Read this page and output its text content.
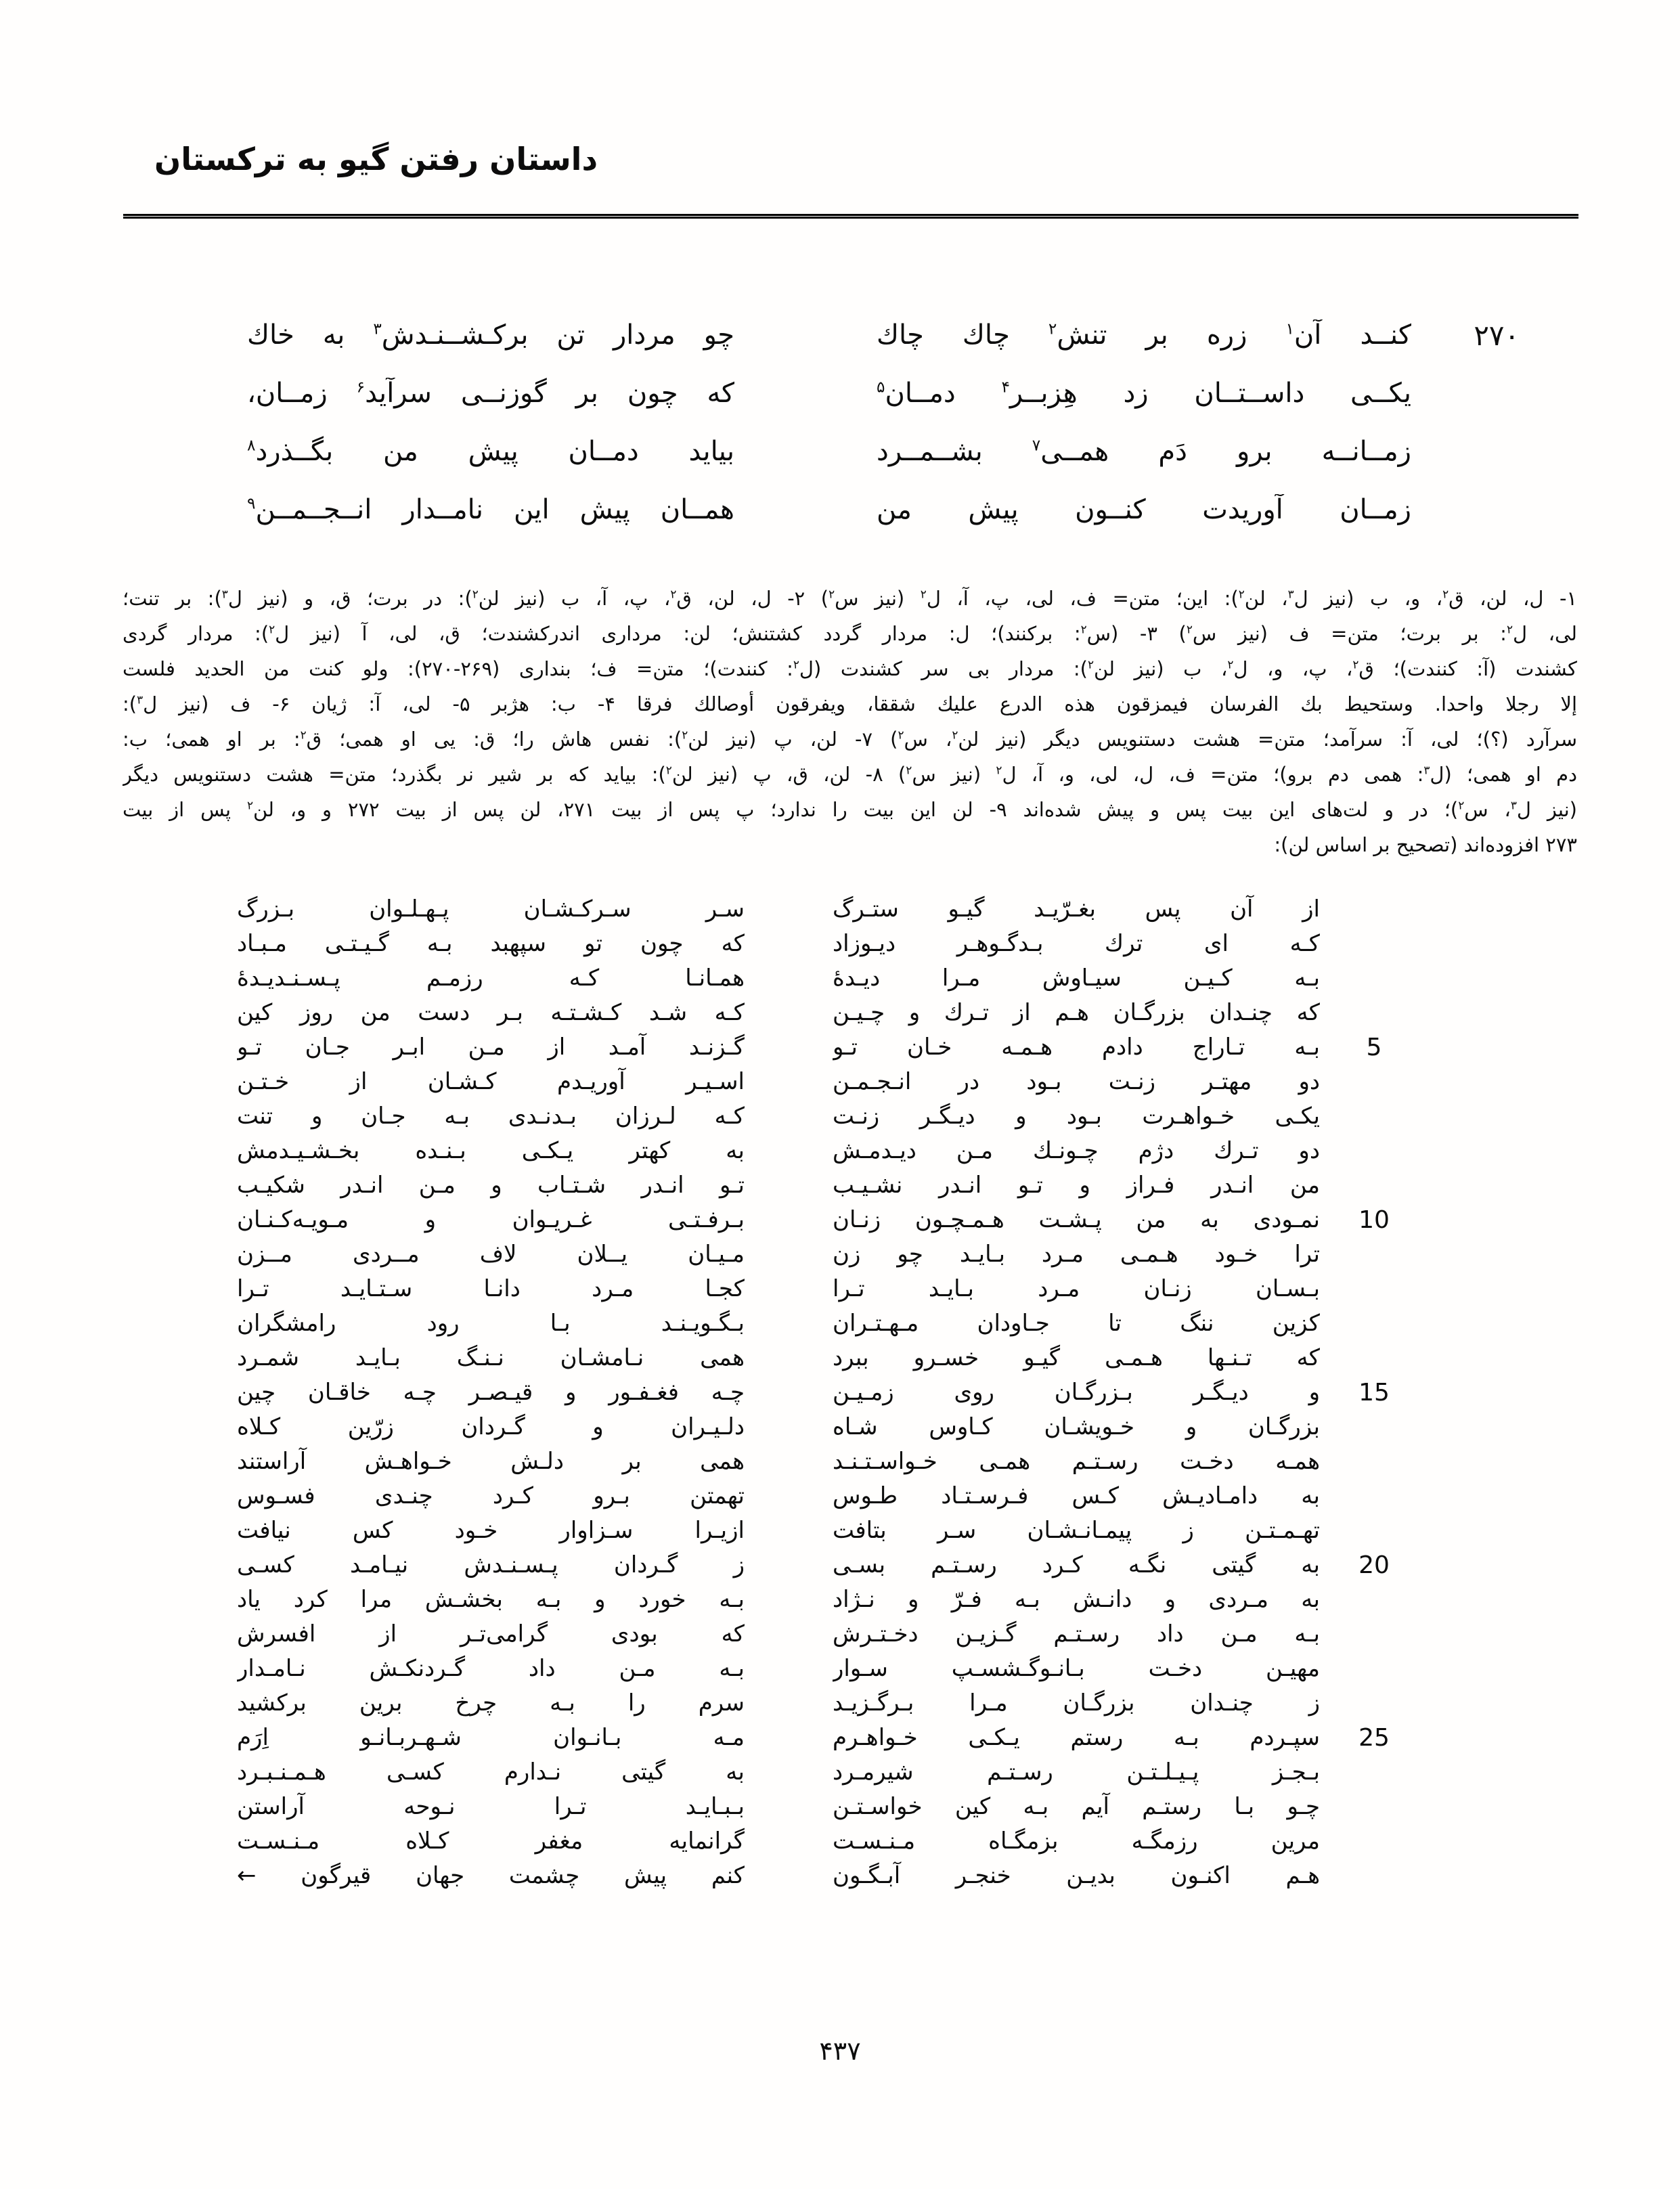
داستان رفتن گیو به ترکستان
۲۷۰
كنــد آن$^۱$ زره بر تنش$^۲$ چاك چاك
چو مردار تن بركـشــنـدش$^۳$ به خاك
یكــی داســتــان زد هِزبــر$^۴$ دمــان$^۵$
كه چون بر گوزنــی سرآید$^۶$ زمــان،
زمــانــه برو دَم همــی$^۷$ بشــمــرد
بیاید دمــان پیش من بگــذرد$^۸$
زمــان آوریدت كنــون پیش من
همــان پیش این نامــدار انــجــمــن$^۹$
۱- ل، لن، ق$^۲$، و، ب (نیز ل$^۳$، لن$^۲$): این؛ متن= ف، لی، پ، آ، ل$^۲$ (نیز س$^۲$) ۲- ل، لن، ق$^۲$، پ، آ، ب (نیز لن$^۲$): در برت؛ ق، و (نیز ل$^۳$): بر تنت؛
لی، ل$^۲$: بر برت؛ متن= ف (نیز س$^۲$) ۳- (س$^۲$: بركنند)؛ ل: مردار گردد كشتنش؛ لن: مرداری اندركشندت؛ ق، لی، آ (نیز ل$^۲$): مردار گردی
كشندت (آ: كنندت)؛ ق$^۲$، پ، و، ل$^۲$، ب (نیز لن$^۲$): مردار بی سر كشندت (ل$^۲$: كنندت)؛ متن= ف؛ بنداری (۲۶۹-۲۷۰): ولو كنت من الحدید فلست
إلا رجلا واحدا. وستحیط بك الفرسان فیمزقون هذه الدرع علیك شققا، ویفرقون أوصالك فرقا ۴- ب: هژبر ۵- لی، آ: ژیان ۶- ف (نیز ل$^۳$):
سرآرد (؟)؛ لی، آ: سرآمد؛ متن= هشت دستنویس دیگر (نیز لن$^۲$، س$^۲$) ۷- لن، پ (نیز لن$^۲$): نفس هاش را؛ ق: یی او همی؛ ق$^۲$: بر او همی؛ ب:
دم او همی؛ (ل$^۳$: همی دم برو)؛ متن= ف، ل، لی، و، آ، ل$^۲$ (نیز س$^۲$) ۸- لن، ق، پ (نیز لن$^۲$): بیاید كه بر شیر نر بگذرد؛ متن= هشت دستنویس دیگر
(نیز ل$^۳$، س$^۲$)؛ در و لت‌های این بیت پس و پیش شده‌اند ۹- لن این بیت را ندارد؛ پ پس از بیت ۲۷۱، لن پس از بیت ۲۷۲ و و، لن$^۲$ پس از بیت
۲۷۳ افزوده‌اند (تصحیح بر اساس لن):
از آن پس بغـرّیـد گیـو ستـرگ
سـر سـركـشـان پـهـلـوان بـزرگ
كـه ای ترك بـدگـوهـر دیـوزاد
كه چون تو سپهبد بـه گـیـتـی مـبـاد
بـه كـیـن سیـاوش مـرا دیـدهٔ
همـانـا كـه رزمـم پـسـنـدیـدهٔ
كه چنـدان بزرگـان هـم از تـرك و چـیـن
كـه شـد كـشـتـه بـر دست من روز كین
5
بـه تـاراج دادم هـمـه خـان تـو
گـزنـد آمـد از مـن ابـر جـان تـو
دو مهتـر زنـت بـود در انـجـمـن
اسـیـر آوریـدم كـشـان از خـتـن
یكـی خـواهـرت بـود و دیـگـر زنـت
كـه لـرزان بـدنـدی بـه جـان و تنت
دو تـرك دژم چـونـك مـن دیـدمـش
به كهتر یـكـی بـنـده بخـشـیـدمش
من انـدر فـراز و تـو انـدر نشـیـب
تـو انـدر شـتـاب و مـن انـدر شكیـب
10
نمـودی به من پـشـت هـمـچـون زنـان
بـرفـتـی غـریـوان و مـویـه‌كـنـان
ترا خـود هـمـی مـرد بـایـد چو زن
مـیـان یــلان لاف مــردی مــزن
بـسـان زنـان مـرد بـایـد تـرا
كجـا مـرد دانـا سـتـایـد تـرا
كزین ننگ تا جـاودان مـهـتـران
بـگـویـنـد بـا رود رامشگران
كه تـنـها هـمـی گیـو خسـرو ببرد
همی نـامشـان نـنـگ بـایـد شمـرد
15
و دیـگـر بـزرگـان روی زمـیـن
چـه فغـفـور و قیـصـر چـه خاقـان چین
بزرگـان و خـویشـان كـاوس شـاه
دلـیـران و گـردان زرّین كـلاه
همـه دخـت رسـتـم همـی خـواسـتـنـد
همی بر دلـش خـواهـش آراستند
به دامـادیـش كـس فـرسـتـاد طـوس
تهمتن بـرو كـرد چنـدی فسـوس
تهـمـتـن ز پیمـانـشـان سـر بتافت
ازیـرا سـزاوار خـود كس نیافت
20
به گیتی نگـه كـرد رسـتـم بسـی
ز گـردان پـسـنـدش نیـامـد كسـی
به مـردی و دانـش بـه فـرّ و نـژاد
بـه خورد و بـه بخشـش مرا كرد یاد
بـه مـن داد رسـتـم گـزیـن دخـتـرش
كه بودی گرامی‌تـر از افسرش
مهیـن دخـت بـانـوگـشسـپ سـوار
بـه مـن داد گـردنكـش نـامـدار
ز چنـدان بزرگـان مـرا بـرگـزیـد
سرم را بـه چرخ برین بركشید
25
سپـردم بـه رستم یـكـی خـواهـرم
مـه بـانـوان شـهـربـانـو اِرَم
بـجـز پـیـلـتـن رسـتـم شیرمـرد
به گیتی نـدارم كسـی هـمـنـبـرد
چـو بـا رستـم آیم بـه كین خواسـتـن
بـبـایـد تـرا نـوحه آراستن
مرین رزمگـه بزمگـاه مـنـسـت
گرانمایه مغفر كـلاه مـنـسـت
هـم اكنـون بدیـن خنجـر آبـگـون
كنم پیش چشمت جهان قیرگون ←
۴۳۷
